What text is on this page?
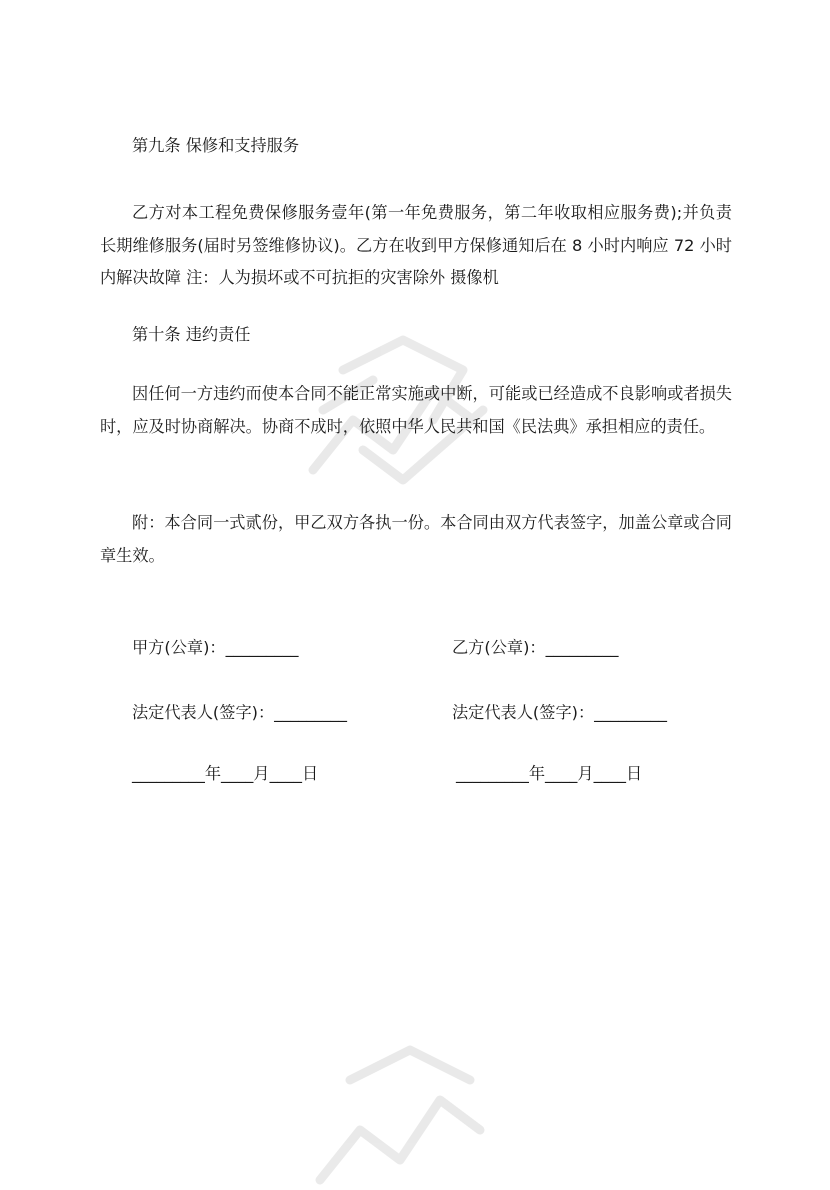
第九条 保修和支持服务
乙方对本工程免费保修服务壹年(第一年免费服务，第二年收取相应服务费);并负责长期维修服务(届时另签维修协议)。乙方在收到甲方保修通知后在 8 小时内响应 72 小时内解决故障 注：人为损坏或不可抗拒的灾害除外 摄像机
第十条 违约责任
因任何一方违约而使本合同不能正常实施或中断，可能或已经造成不良影响或者损失时，应及时协商解决。协商不成时，依照中华人民共和国《民法典》承担相应的责任。
附：本合同一式贰份，甲乙双方各执一份。本合同由双方代表签字，加盖公章或合同章生效。
甲方(公章)：_________	乙方(公章)：_________
法定代表人(签字)：_________	法定代表人(签字)：_________
_________年____月____日	_________年____月____日
